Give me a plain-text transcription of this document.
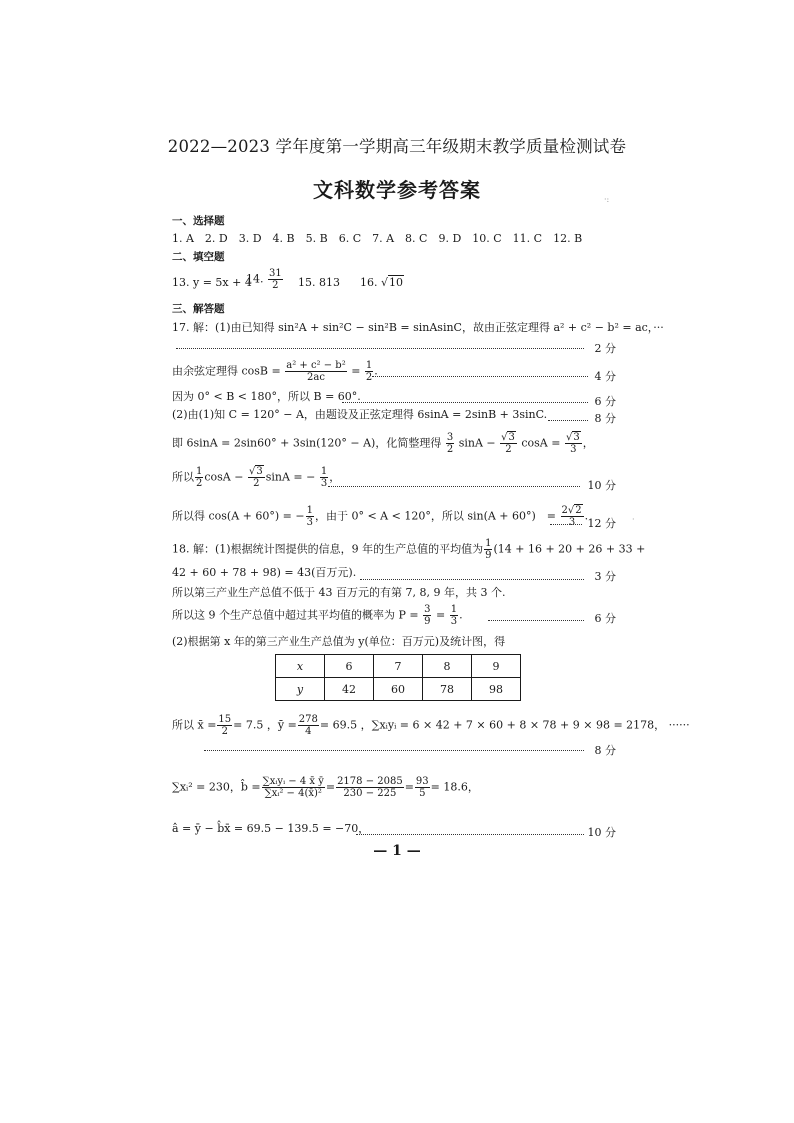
2022—2023 学年度第一学期高三年级期末教学质量检测试卷
文科数学参考答案
一、选择题
1. A　2. D　3. D　4. B　5. B　6. C　7. A　8. C　9. D　10. C　11. C　12. B
二、填空题
13. y = 5x + 4
14. $\frac{31}{2} 15$. 813 16. √10
三、解答题
17. 解：(1)由已知得 sin²A + sin²C − sin²B = sinAsinC，故由正弦定理得 a² + c² − b² = ac，···
2 分
由余弦定理得 $\cos B = \frac{\text{a² + c² − b²}}{2ac} = \frac{1}{2}$ .	4 分
因为 0° < B < 180°，所以 B = 60°.	6 分
(2)由(1)知 C = 120° − A，由题设及正弦定理得 6sinA = 2sinB + 3sinC.	8 分
即 6sinA = 2sin60° + 3sin(120° − A)，化简整理得 $\frac{3}{2}$ $\sin A - \frac{√3}{2}$ $\cos A = \frac{√3}{3}$ ，
所以 $\frac{1}{2}$ $\cos A - \frac{√3}{2}$ sinA = − $\frac{1}{3}$ ，
10 分
所以得 cos(A + 60°) = − $\frac{1}{3}$ ，由于 0° < A < 120°，所以 sin(A + 60°)　= $\frac{2√2}{3}$ .
12 分
18. 解：(1)根据统计图提供的信息，9 年的生产总值的平均值为 $\frac{1}{9} (14 + 16 + 20 + 26 + 33$ +
42 + 60 + 78 + 98) = 43(百万元).	3 分
所以第三产业生产总值不低于 43 百万元的有第 7, 8, 9 年，共 3 个.
所以这 9 个生产总值中超过其平均值的概率为 $P = \frac{3}{9} = \frac{1}{3}$ .	6 分
(2)根据第 x 年的第三产业生产总值为 y(单位：百万元)及统计图，得
x	6	7	8	9
y	42	60	78	98
所以 x̄ = $\frac{15}{2} = 7.5$ ，ȳ = $\frac{278}{4} = 69.5$ ，∑xᵢyᵢ = 6 × 42 + 7 × 60 + 8 × 78 + 9 × 98 = 2178， ······
8 分
∑xᵢ² = 230，b̂ = $\frac{\text{∑xᵢyᵢ − 4 x̄ ȳ}}{\text{∑xᵢ² − 4(x̄)²}} = \frac{2178 - 2085}{230 - 225} = \frac{93}{5} = 18.6$，
â = ȳ − b̂x̄ = 69.5 − 139.5 = −70，	10 分
— 1 —
·:
·
